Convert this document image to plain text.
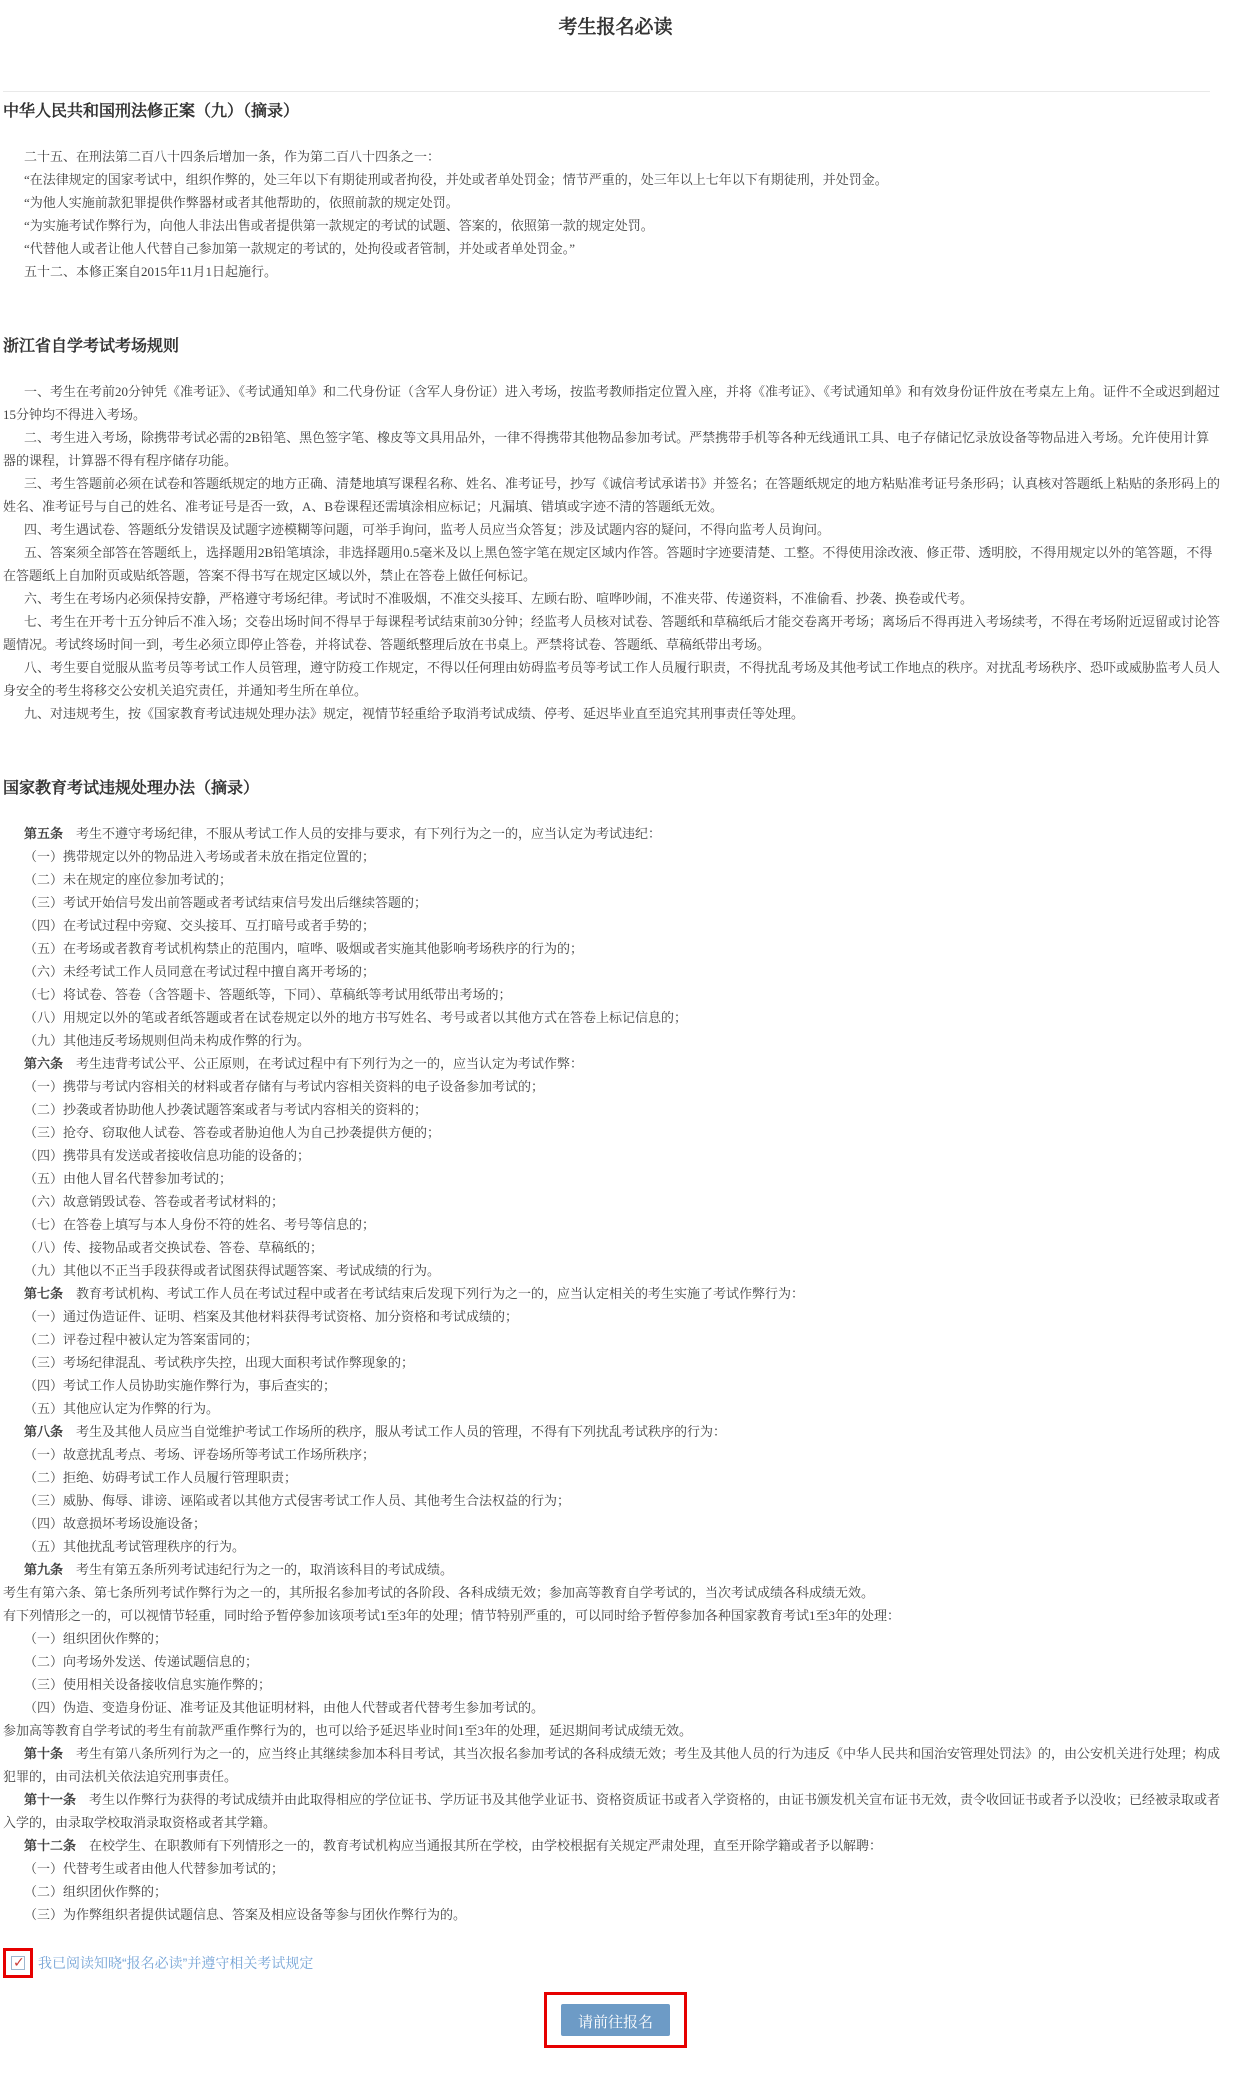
考生报名必读
中华人民共和国刑法修正案（九）（摘录）

二十五、在刑法第二百八十四条后增加一条，作为第二百八十四条之一：

“在法律规定的国家考试中，组织作弊的，处三年以下有期徒刑或者拘役，并处或者单处罚金；情节严重的，处三年以上七年以下有期徒刑，并处罚金。

“为他人实施前款犯罪提供作弊器材或者其他帮助的，依照前款的规定处罚。

“为实施考试作弊行为，向他人非法出售或者提供第一款规定的考试的试题、答案的，依照第一款的规定处罚。

“代替他人或者让他人代替自己参加第一款规定的考试的，处拘役或者管制，并处或者单处罚金。”

五十二、本修正案自2015年11月1日起施行。

浙江省自学考试考场规则

一、考生在考前20分钟凭《准考证》、《考试通知单》和二代身份证（含军人身份证）进入考场，按监考教师指定位置入座，并将《准考证》、《考试通知单》和有效身份证件放在考桌左上角。证件不全或迟到超过15分钟均不得进入考场。

二、考生进入考场，除携带考试必需的2B铅笔、黑色签字笔、橡皮等文具用品外，一律不得携带其他物品参加考试。严禁携带手机等各种无线通讯工具、电子存储记忆录放设备等物品进入考场。允许使用计算器的课程，计算器不得有程序储存功能。

三、考生答题前必须在试卷和答题纸规定的地方正确、清楚地填写课程名称、姓名、准考证号，抄写《诚信考试承诺书》并签名；在答题纸规定的地方粘贴准考证号条形码；认真核对答题纸上粘贴的条形码上的姓名、准考证号与自己的姓名、准考证号是否一致，A、B卷课程还需填涂相应标记；凡漏填、错填或字迹不清的答题纸无效。

四、考生遇试卷、答题纸分发错误及试题字迹模糊等问题，可举手询问，监考人员应当众答复；涉及试题内容的疑问，不得向监考人员询问。

五、答案须全部答在答题纸上，选择题用2B铅笔填涂，非选择题用0.5毫米及以上黑色签字笔在规定区域内作答。答题时字迹要清楚、工整。不得使用涂改液、修正带、透明胶，不得用规定以外的笔答题，不得在答题纸上自加附页或贴纸答题，答案不得书写在规定区域以外，禁止在答卷上做任何标记。

六、考生在考场内必须保持安静，严格遵守考场纪律。考试时不准吸烟，不准交头接耳、左顾右盼、喧哗吵闹，不准夹带、传递资料，不准偷看、抄袭、换卷或代考。

七、考生在开考十五分钟后不准入场；交卷出场时间不得早于每课程考试结束前30分钟；经监考人员核对试卷、答题纸和草稿纸后才能交卷离开考场；离场后不得再进入考场续考，不得在考场附近逗留或讨论答题情况。考试终场时间一到，考生必须立即停止答卷，并将试卷、答题纸整理后放在书桌上。严禁将试卷、答题纸、草稿纸带出考场。

八、考生要自觉服从监考员等考试工作人员管理，遵守防疫工作规定，不得以任何理由妨碍监考员等考试工作人员履行职责，不得扰乱考场及其他考试工作地点的秩序。对扰乱考场秩序、恐吓或威胁监考人员人身安全的考生将移交公安机关追究责任，并通知考生所在单位。

九、对违规考生，按《国家教育考试违规处理办法》规定，视情节轻重给予取消考试成绩、停考、延迟毕业直至追究其刑事责任等处理。

国家教育考试违规处理办法（摘录）

第五条　考生不遵守考场纪律，不服从考试工作人员的安排与要求，有下列行为之一的，应当认定为考试违纪：

（一）携带规定以外的物品进入考场或者未放在指定位置的；

（二）未在规定的座位参加考试的；

（三）考试开始信号发出前答题或者考试结束信号发出后继续答题的；

（四）在考试过程中旁窥、交头接耳、互打暗号或者手势的；

（五）在考场或者教育考试机构禁止的范围内，喧哗、吸烟或者实施其他影响考场秩序的行为的；

（六）未经考试工作人员同意在考试过程中擅自离开考场的；

（七）将试卷、答卷（含答题卡、答题纸等，下同）、草稿纸等考试用纸带出考场的；

（八）用规定以外的笔或者纸答题或者在试卷规定以外的地方书写姓名、考号或者以其他方式在答卷上标记信息的；

（九）其他违反考场规则但尚未构成作弊的行为。

第六条　考生违背考试公平、公正原则，在考试过程中有下列行为之一的，应当认定为考试作弊：

（一）携带与考试内容相关的材料或者存储有与考试内容相关资料的电子设备参加考试的；

（二）抄袭或者协助他人抄袭试题答案或者与考试内容相关的资料的；

（三）抢夺、窃取他人试卷、答卷或者胁迫他人为自己抄袭提供方便的；

（四）携带具有发送或者接收信息功能的设备的；

（五）由他人冒名代替参加考试的；

（六）故意销毁试卷、答卷或者考试材料的；

（七）在答卷上填写与本人身份不符的姓名、考号等信息的；

（八）传、接物品或者交换试卷、答卷、草稿纸的；

（九）其他以不正当手段获得或者试图获得试题答案、考试成绩的行为。

第七条　教育考试机构、考试工作人员在考试过程中或者在考试结束后发现下列行为之一的，应当认定相关的考生实施了考试作弊行为：

（一）通过伪造证件、证明、档案及其他材料获得考试资格、加分资格和考试成绩的；

（二）评卷过程中被认定为答案雷同的；

（三）考场纪律混乱、考试秩序失控，出现大面积考试作弊现象的；

（四）考试工作人员协助实施作弊行为，事后查实的；

（五）其他应认定为作弊的行为。

第八条　考生及其他人员应当自觉维护考试工作场所的秩序，服从考试工作人员的管理，不得有下列扰乱考试秩序的行为：

（一）故意扰乱考点、考场、评卷场所等考试工作场所秩序；

（二）拒绝、妨碍考试工作人员履行管理职责；

（三）威胁、侮辱、诽谤、诬陷或者以其他方式侵害考试工作人员、其他考生合法权益的行为；

（四）故意损坏考场设施设备；

（五）其他扰乱考试管理秩序的行为。

第九条　考生有第五条所列考试违纪行为之一的，取消该科目的考试成绩。

考生有第六条、第七条所列考试作弊行为之一的，其所报名参加考试的各阶段、各科成绩无效；参加高等教育自学考试的，当次考试成绩各科成绩无效。

有下列情形之一的，可以视情节轻重，同时给予暂停参加该项考试1至3年的处理；情节特别严重的，可以同时给予暂停参加各种国家教育考试1至3年的处理：

（一）组织团伙作弊的；

（二）向考场外发送、传递试题信息的；

（三）使用相关设备接收信息实施作弊的；

（四）伪造、变造身份证、准考证及其他证明材料，由他人代替或者代替考生参加考试的。

参加高等教育自学考试的考生有前款严重作弊行为的，也可以给予延迟毕业时间1至3年的处理，延迟期间考试成绩无效。

第十条　考生有第八条所列行为之一的，应当终止其继续参加本科目考试，其当次报名参加考试的各科成绩无效；考生及其他人员的行为违反《中华人民共和国治安管理处罚法》的，由公安机关进行处理；构成犯罪的，由司法机关依法追究刑事责任。

第十一条　考生以作弊行为获得的考试成绩并由此取得相应的学位证书、学历证书及其他学业证书、资格资质证书或者入学资格的，由证书颁发机关宣布证书无效，责令收回证书或者予以没收；已经被录取或者入学的，由录取学校取消录取资格或者其学籍。

第十二条　在校学生、在职教师有下列情形之一的，教育考试机构应当通报其所在学校，由学校根据有关规定严肃处理，直至开除学籍或者予以解聘：

（一）代替考生或者由他人代替参加考试的；

（二）组织团伙作弊的；

（三）为作弊组织者提供试题信息、答案及相应设备等参与团伙作弊行为的。

✓ 我已阅读知晓“报名必读”并遵守相关考试规定
请前往报名
